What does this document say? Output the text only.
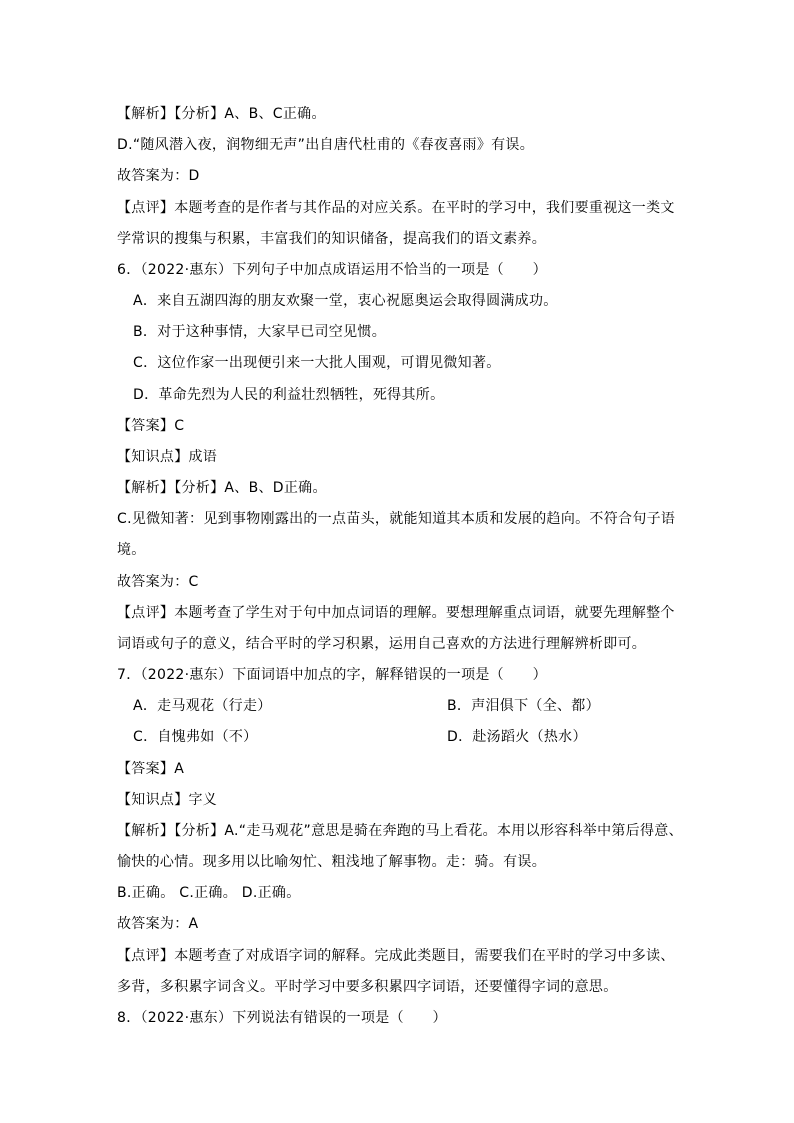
【解析】【分析】A、B、C正确。
D.“随风潜入夜，润物细无声”出自唐代杜甫的《春夜喜雨》有误。
故答案为：D
【点评】本题考查的是作者与其作品的对应关系。在平时的学习中，我们要重视这一类文
学常识的搜集与积累，丰富我们的知识储备，提高我们的语文素养。
6．（2022·惠东）下列句子中加点成语运用不恰当的一项是（　　）
A．来自五湖四海的朋友欢聚一堂，衷心祝愿奥运会取得圆满成功。
B．对于这种事情，大家早已司空见惯。
C．这位作家一出现便引来一大批人围观，可谓见微知著。
D．革命先烈为人民的利益壮烈牺牲，死得其所。
【答案】C
【知识点】成语
【解析】【分析】A、B、D正确。
C.见微知著：见到事物刚露出的一点苗头，就能知道其本质和发展的趋向。不符合句子语
境。
故答案为：C
【点评】本题考查了学生对于句中加点词语的理解。要想理解重点词语，就要先理解整个
词语或句子的意义，结合平时的学习积累，运用自己喜欢的方法进行理解辨析即可。
7．（2022·惠东）下面词语中加点的字，解释错误的一项是（　　）
A．走马观花（行走）	B．声泪俱下（全、都）
C．自愧弗如（不）	D．赴汤蹈火（热水）
【答案】A
【知识点】字义
【解析】【分析】A.“走马观花”意思是骑在奔跑的马上看花。本用以形容科举中第后得意、
愉快的心情。现多用以比喻匆忙、粗浅地了解事物。走：骑。有误。
B.正确。 C.正确。 D.正确。
故答案为：A
【点评】本题考查了对成语字词的解释。完成此类题目，需要我们在平时的学习中多读、
多背，多积累字词含义。平时学习中要多积累四字词语，还要懂得字词的意思。
8．（2022·惠东）下列说法有错误的一项是（　　）
